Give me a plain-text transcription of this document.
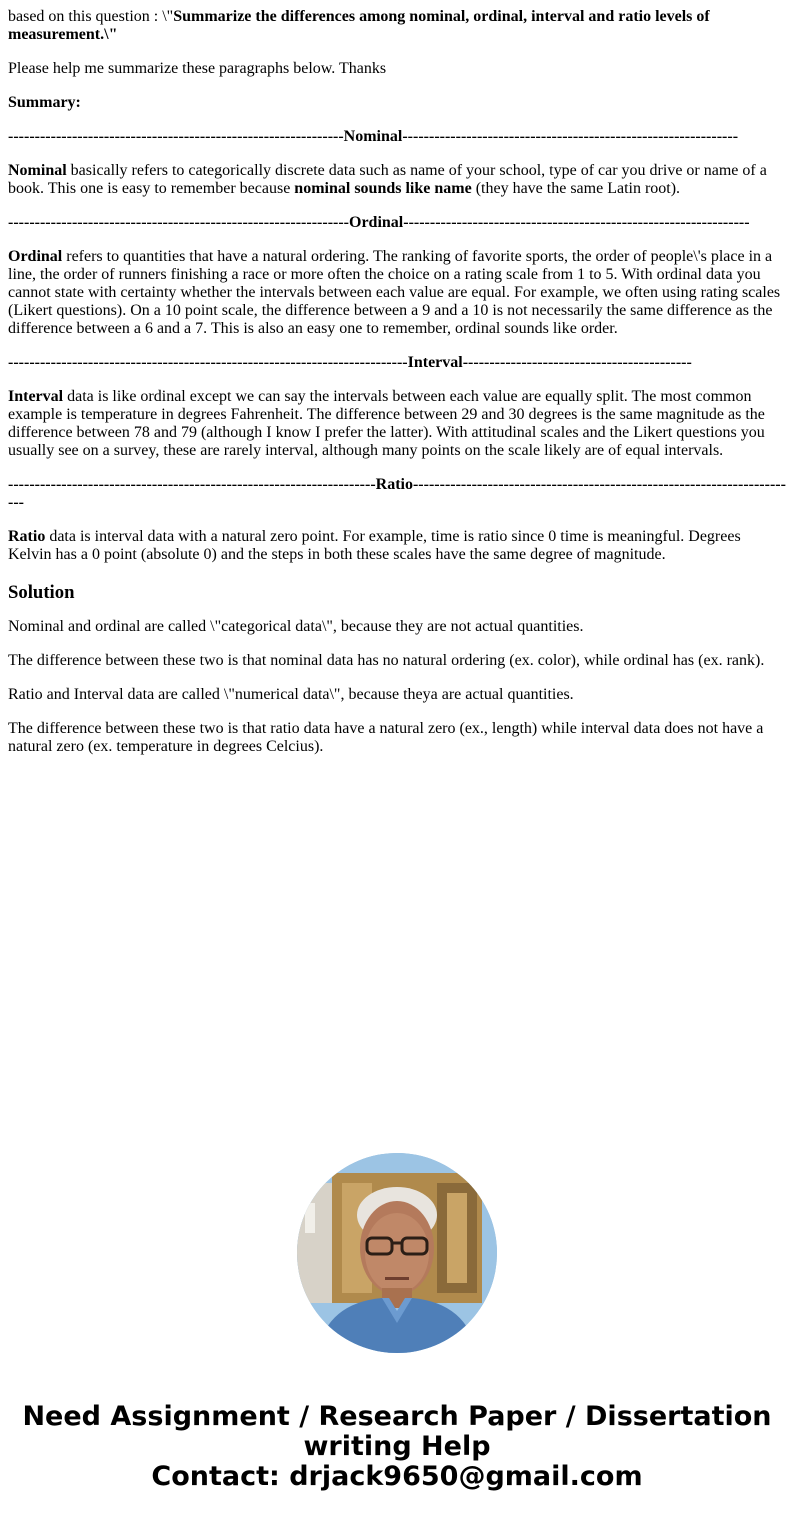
based on this question : \"Summarize the differences among nominal, ordinal, interval and ratio levels of measurement.\"

Please help me summarize these paragraphs below. Thanks

Summary:

---------------------------------------------------------------Nominal---------------------------------------------------------------

Nominal basically refers to categorically discrete data such as name of your school, type of car you drive or name of a book. This one is easy to remember because nominal sounds like name (they have the same Latin root).

----------------------------------------------------------------Ordinal-----------------------------------------------------------------

Ordinal refers to quantities that have a natural ordering. The ranking of favorite sports, the order of people\'s place in a line, the order of runners finishing a race or more often the choice on a rating scale from 1 to 5. With ordinal data you cannot state with certainty whether the intervals between each value are equal. For example, we often using rating scales (Likert questions). On a 10 point scale, the difference between a 9 and a 10 is not necessarily the same difference as the difference between a 6 and a 7. This is also an easy one to remember, ordinal sounds like order.

---------------------------------------------------------------------------Interval-------------------------------------------

Interval data is like ordinal except we can say the intervals between each value are equally split. The most common example is temperature in degrees Fahrenheit. The difference between 29 and 30 degrees is the same magnitude as the difference between 78 and 79 (although I know I prefer the latter). With attitudinal scales and the Likert questions you usually see on a survey, these are rarely interval, although many points on the scale likely are of equal intervals.

---------------------------------------------------------------------Ratio-------------------------------------------------------------------------

Ratio data is interval data with a natural zero point. For example, time is ratio since 0 time is meaningful. Degrees Kelvin has a 0 point (absolute 0) and the steps in both these scales have the same degree of magnitude.

Solution

Nominal and ordinal are called \"categorical data\", because they are not actual quantities.

The difference between these two is that nominal data has no natural ordering (ex. color), while ordinal has (ex. rank).

Ratio and Interval data are called \"numerical data\", because theya are actual quantities.

The difference between these two is that ratio data have a natural zero (ex., length) while interval data does not have a natural zero (ex. temperature in degrees Celcius).

Need Assignment / Research Paper / Dissertation writing Help
Contact: drjack9650@gmail.com
